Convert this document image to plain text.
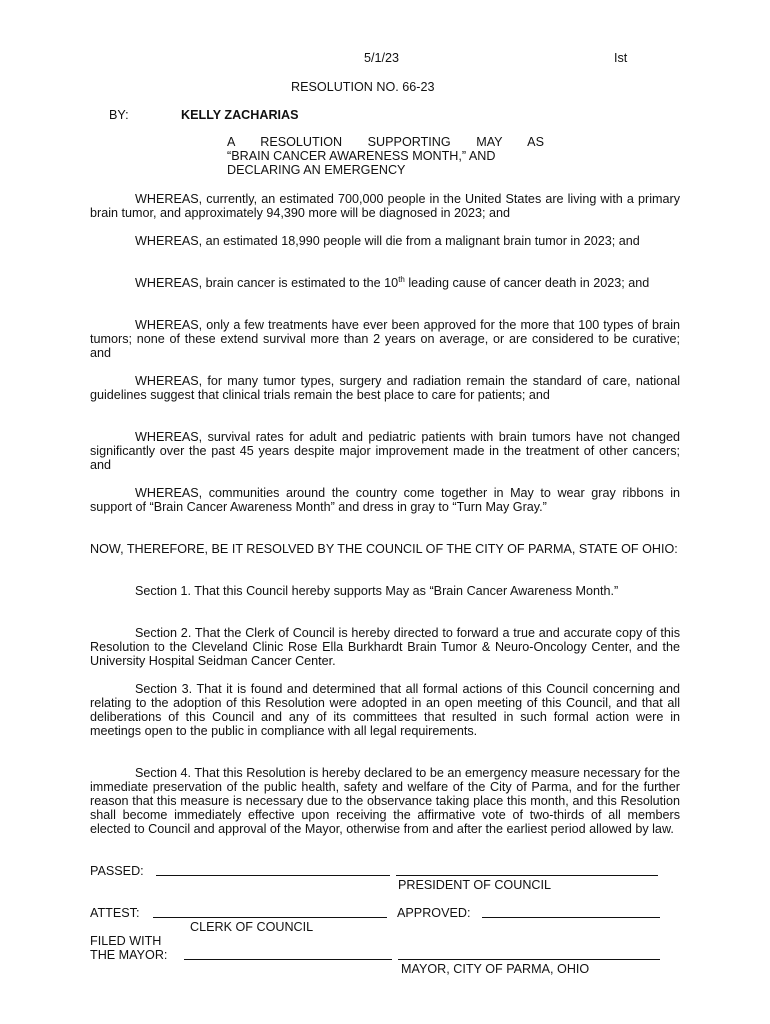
5/1/23	Ist
RESOLUTION NO. 66-23
BY:	KELLY ZACHARIAS
A RESOLUTION SUPPORTING MAY AS
“BRAIN CANCER AWARENESS MONTH,” AND
DECLARING AN EMERGENCY
WHEREAS, currently, an estimated 700,000 people in the United States are living with a primary brain tumor, and approximately 94,390 more will be diagnosed in 2023; and
WHEREAS, an estimated 18,990 people will die from a malignant brain tumor in 2023; and
WHEREAS, brain cancer is estimated to the 10th leading cause of cancer death in 2023; and
WHEREAS, only a few treatments have ever been approved for the more that 100 types of brain tumors; none of these extend survival more than 2 years on average, or are considered to be curative; and
WHEREAS, for many tumor types, surgery and radiation remain the standard of care, national guidelines suggest that clinical trials remain the best place to care for patients; and
WHEREAS, survival rates for adult and pediatric patients with brain tumors have not changed significantly over the past 45 years despite major improvement made in the treatment of other cancers; and
WHEREAS, communities around the country come together in May to wear gray ribbons in support of “Brain Cancer Awareness Month” and dress in gray to “Turn May Gray.”
NOW, THEREFORE, BE IT RESOLVED BY THE COUNCIL OF THE CITY OF PARMA, STATE OF OHIO:
Section 1. That this Council hereby supports May as “Brain Cancer Awareness Month.”
Section 2. That the Clerk of Council is hereby directed to forward a true and accurate copy of this Resolution to the Cleveland Clinic Rose Ella Burkhardt Brain Tumor & Neuro-Oncology Center, and the University Hospital Seidman Cancer Center.
Section 3. That it is found and determined that all formal actions of this Council concerning and relating to the adoption of this Resolution were adopted in an open meeting of this Council, and that all deliberations of this Council and any of its committees that resulted in such formal action were in meetings open to the public in compliance with all legal requirements.
Section 4. That this Resolution is hereby declared to be an emergency measure necessary for the immediate preservation of the public health, safety and welfare of the City of Parma, and for the further reason that this measure is necessary due to the observance taking place this month, and this Resolution shall become immediately effective upon receiving the affirmative vote of two-thirds of all members elected to Council and approval of the Mayor, otherwise from and after the earliest period allowed by law.
PASSED:
PRESIDENT OF COUNCIL
ATTEST:	APPROVED:
CLERK OF COUNCIL
FILED WITH
THE MAYOR:
MAYOR, CITY OF PARMA, OHIO
